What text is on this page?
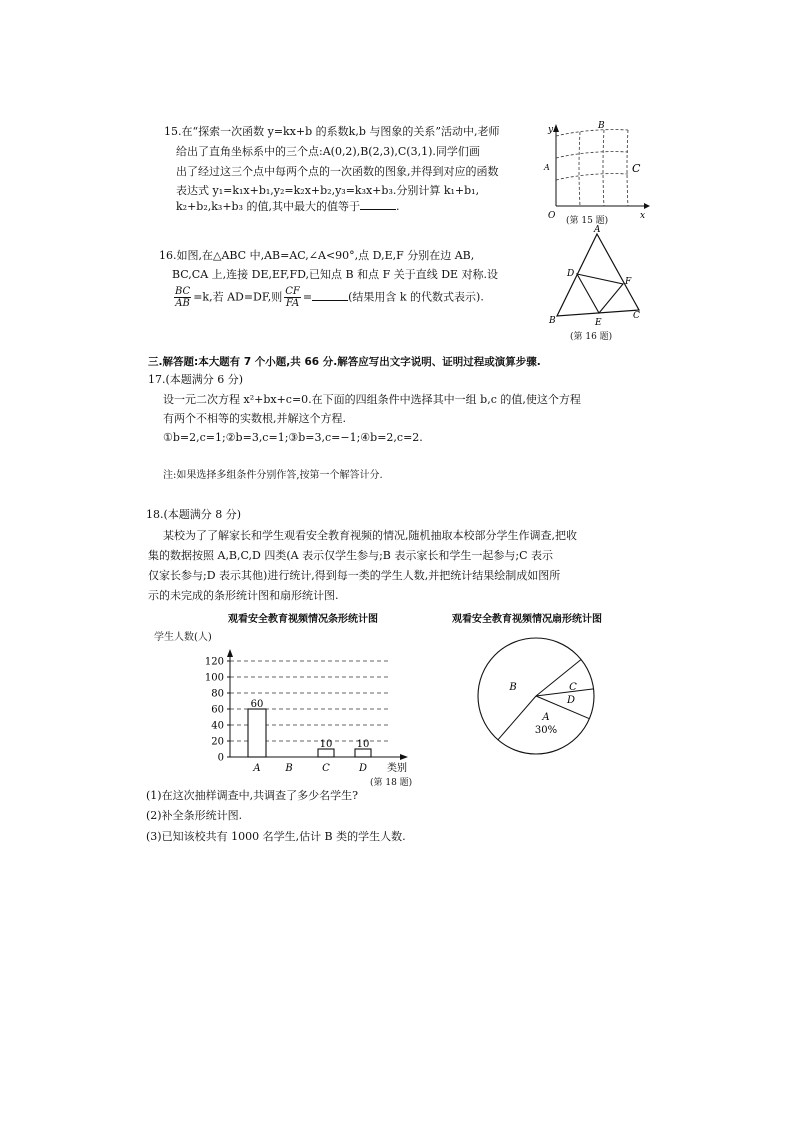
15.在“探索一次函数 y=kx+b 的系数k,b 与图象的关系”活动中,老师
给出了直角坐标系中的三个点:A(0,2),B(2,3),C(3,1).同学们画
出了经过这三个点中每两个点的一次函数的图象,并得到对应的函数
表达式 y₁=k₁x+b₁,y₂=k₂x+b₂,y₃=k₃x+b₃.分别计算 k₁+b₁,
k₂+b₂,k₃+b₃ 的值,其中最大的值等于	.
y
x
O
A
B
C
(第 15 题)
16.如图,在△ABC 中,AB=AC,∠A<90°,点 D,E,F 分别在边 AB,
BC,CA 上,连接 DE,EF,FD,已知点 B 和点 F 关于直线 DE 对称.设
$\frac{BC}{AB} =k$,若 AD=DF,则 $\frac{CF}{FA}$ =	(结果用含 k 的代数式表示).
A
B	C
D
E
F
(第 16 题)
三.解答题:本大题有 7 个小题,共 66 分.解答应写出文字说明、证明过程或演算步骤.
17.(本题满分 6 分)
设一元二次方程 x²+bx+c=0.在下面的四组条件中选择其中一组 b,c 的值,使这个方程
有两个不相等的实数根,并解这个方程.
①b=2,c=1;②b=3,c=1;③b=3,c=−1;④b=2,c=2.
注:如果选择多组条件分别作答,按第一个解答计分.
18.(本题满分 8 分)
某校为了了解家长和学生观看安全教育视频的情况,随机抽取本校部分学生作调查,把收
集的数据按照 A,B,C,D 四类(A 表示仅学生参与;B 表示家长和学生一起参与;C 表示
仅家长参与;D 表示其他)进行统计,得到每一类的学生人数,并把统计结果绘制成如图所
示的未完成的条形统计图和扇形统计图.
观看安全教育视频情况条形统计图
学生人数(人)
120
100
80
60
40
20
0
60
10 10
A B	C	D 类别
(第 18 题)
观看安全教育视频情况扇形统计图
A
30%
B	C
D
(1)在这次抽样调查中,共调查了多少名学生?
(2)补全条形统计图.
(3)已知该校共有 1000 名学生,估计 B 类的学生人数.
